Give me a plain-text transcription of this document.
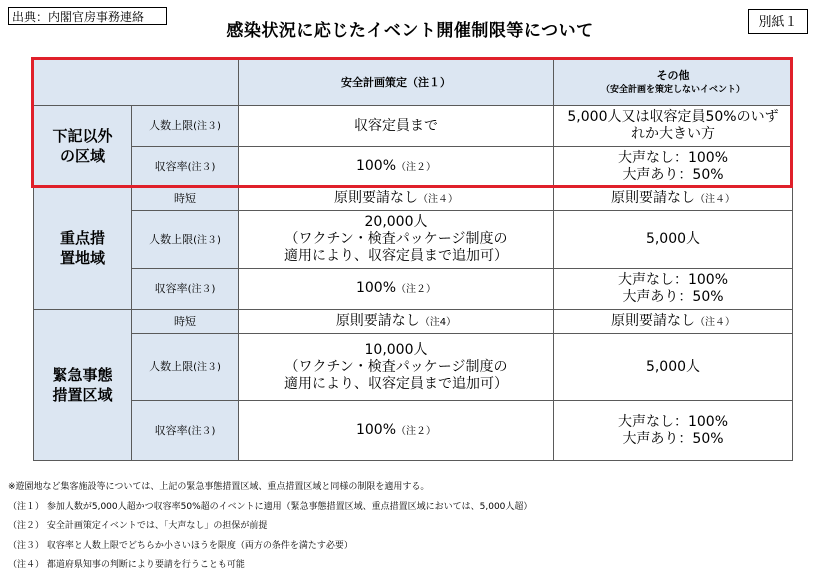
出典：内閣官房事務連絡
感染状況に応じたイベント開催制限等について	別紙１
		安全計画策定（注１）	その他
（安全計画を策定しないイベント）

下記以外の区域	人数上限(注３)	収容定員まで	5,000人又は収容定員50%のいずれか大きい方
	収容率(注３)	100%（注２）	大声なし：100%
大声あり：50%

重点措置地域	時短	原則要請なし（注４）	原則要請なし（注４）
	人数上限(注３)	20,000人
（ワクチン・検査パッケージ制度の
適用により、収容定員まで追加可）	5,000人
	収容率(注３)	100%（注２）	大声なし：100%
大声あり：50%

緊急事態措置区域	時短	原則要請なし（注4）	原則要請なし（注４）
	人数上限(注３)	10,000人
（ワクチン・検査パッケージ制度の
適用により、収容定員まで追加可）	5,000人
	収容率(注３)	100%（注２）	大声なし：100%
大声あり：50%
※遊園地など集客施設等については、上記の緊急事態措置区域、重点措置区域と同様の制限を適用する。
（注１） 参加人数が5,000人超かつ収容率50%超のイベントに適用（緊急事態措置区域、重点措置区域においては、5,000人超）
（注２） 安全計画策定イベントでは、「大声なし」の担保が前提
（注３） 収容率と人数上限でどちらか小さいほうを限度（両方の条件を満たす必要）
（注４） 都道府県知事の判断により要請を行うことも可能
